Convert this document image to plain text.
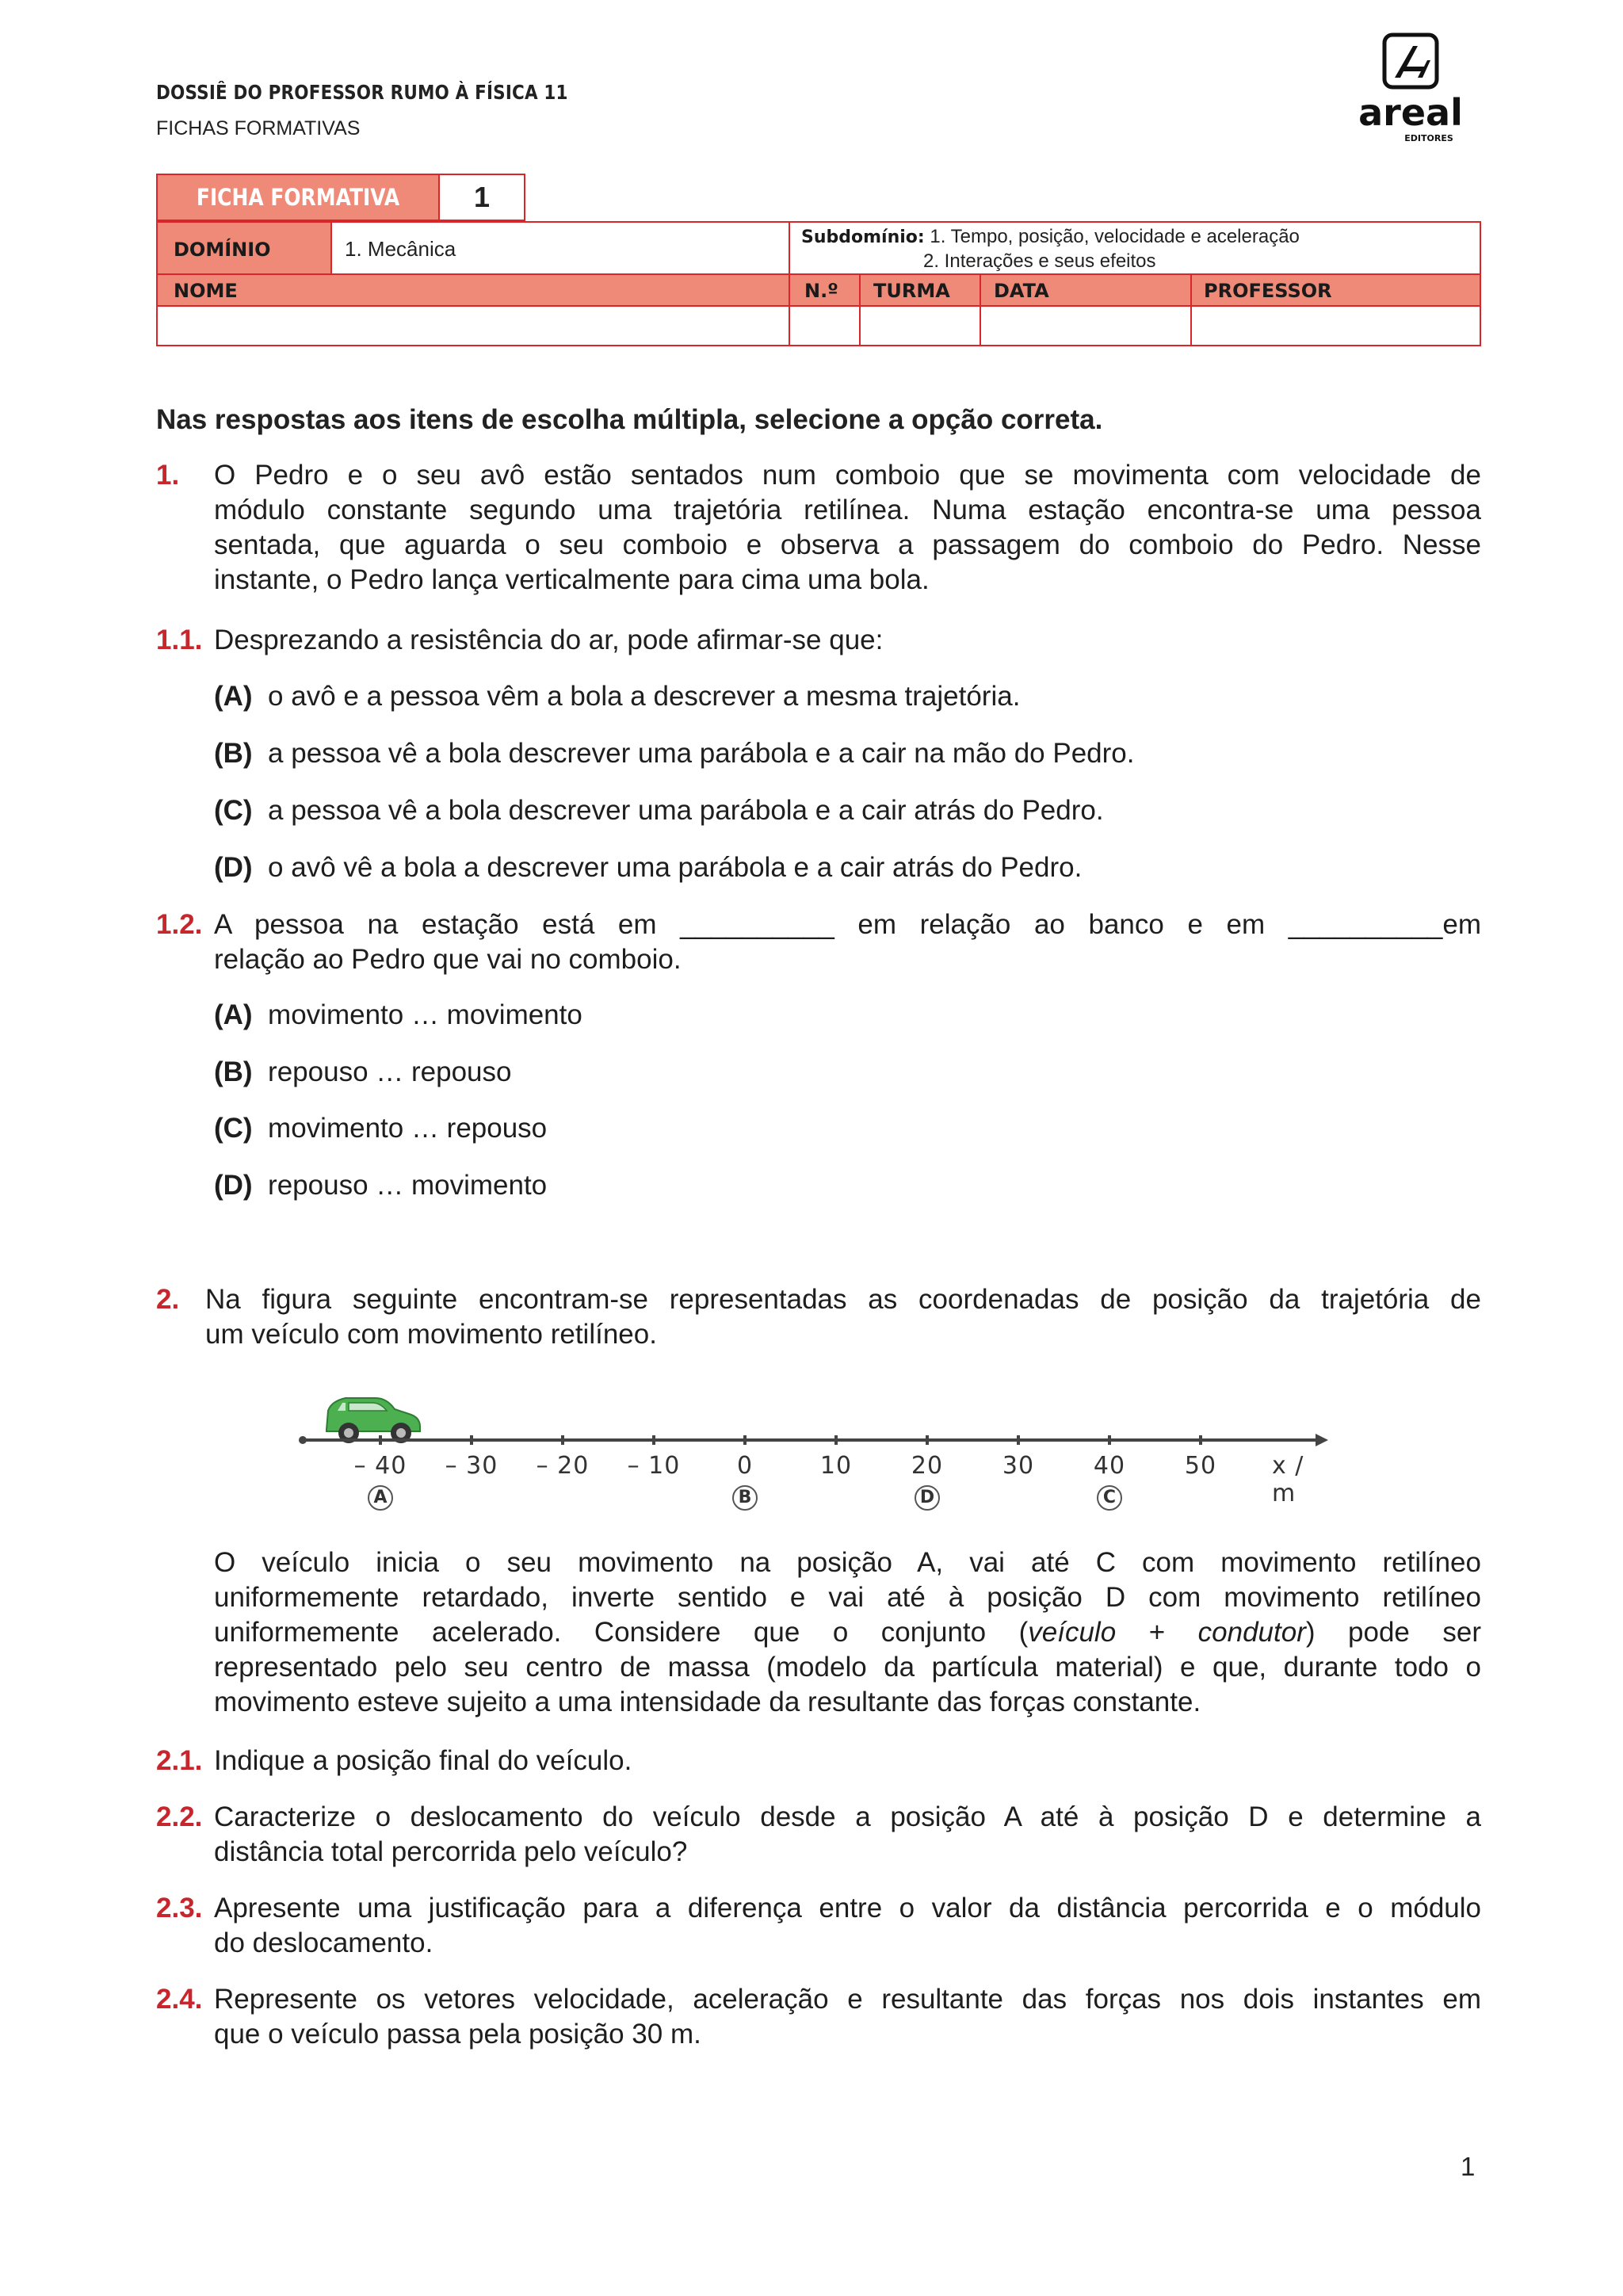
DOSSIÊ DO PROFESSOR RUMO À FÍSICA 11
FICHAS FORMATIVAS	areal
EDITORES
FICHA FORMATIVA	1
DOMÍNIO	1. Mecânica	Subdomínio: 1. Tempo, posição, velocidade e aceleração
2. Interações e seus efeitos
NOME	N.º TURMA DATA	PROFESSOR
Nas respostas aos itens de escolha múltipla, selecione a opção correta.
1. O Pedro e o seu avô estão sentados num comboio que se movimenta com velocidade de
módulo constante segundo uma trajetória retilínea. Numa estação encontra-se uma pessoa
sentada, que aguarda o seu comboio e observa a passagem do comboio do Pedro. Nesse
instante, o Pedro lança verticalmente para cima uma bola.
1.1. Desprezando a resistência do ar, pode afirmar-se que:
(A) o avô e a pessoa vêm a bola a descrever a mesma trajetória.
(B) a pessoa vê a bola descrever uma parábola e a cair na mão do Pedro.
(C) a pessoa vê a bola descrever uma parábola e a cair atrás do Pedro.
(D) o avô vê a bola a descrever uma parábola e a cair atrás do Pedro.
1.2. A pessoa na estação está em __________ em relação ao banco e em __________em
relação ao Pedro que vai no comboio.
(A) movimento … movimento
(B) repouso … repouso
(C) movimento … repouso
(D) repouso … movimento
2. Na figura seguinte encontram-se representadas as coordenadas de posição da trajetória de
um veículo com movimento retilíneo.
– 40 – 30 – 20 – 10 0	10 20 30 40 50
A	B	D	C
x / m
O veículo inicia o seu movimento na posição A, vai até C com movimento retilíneo
uniformemente retardado, inverte sentido e vai até à posição D com movimento retilíneo
uniformemente acelerado. Considere que o conjunto (veículo + condutor) pode ser
representado pelo seu centro de massa (modelo da partícula material) e que, durante todo o
movimento esteve sujeito a uma intensidade da resultante das forças constante.
2.1. Indique a posição final do veículo.
2.2. Caracterize o deslocamento do veículo desde a posição A até à posição D e determine a
distância total percorrida pelo veículo?
2.3. Apresente uma justificação para a diferença entre o valor da distância percorrida e o módulo
do deslocamento.
2.4. Represente os vetores velocidade, aceleração e resultante das forças nos dois instantes em
que o veículo passa pela posição 30 m.
1
